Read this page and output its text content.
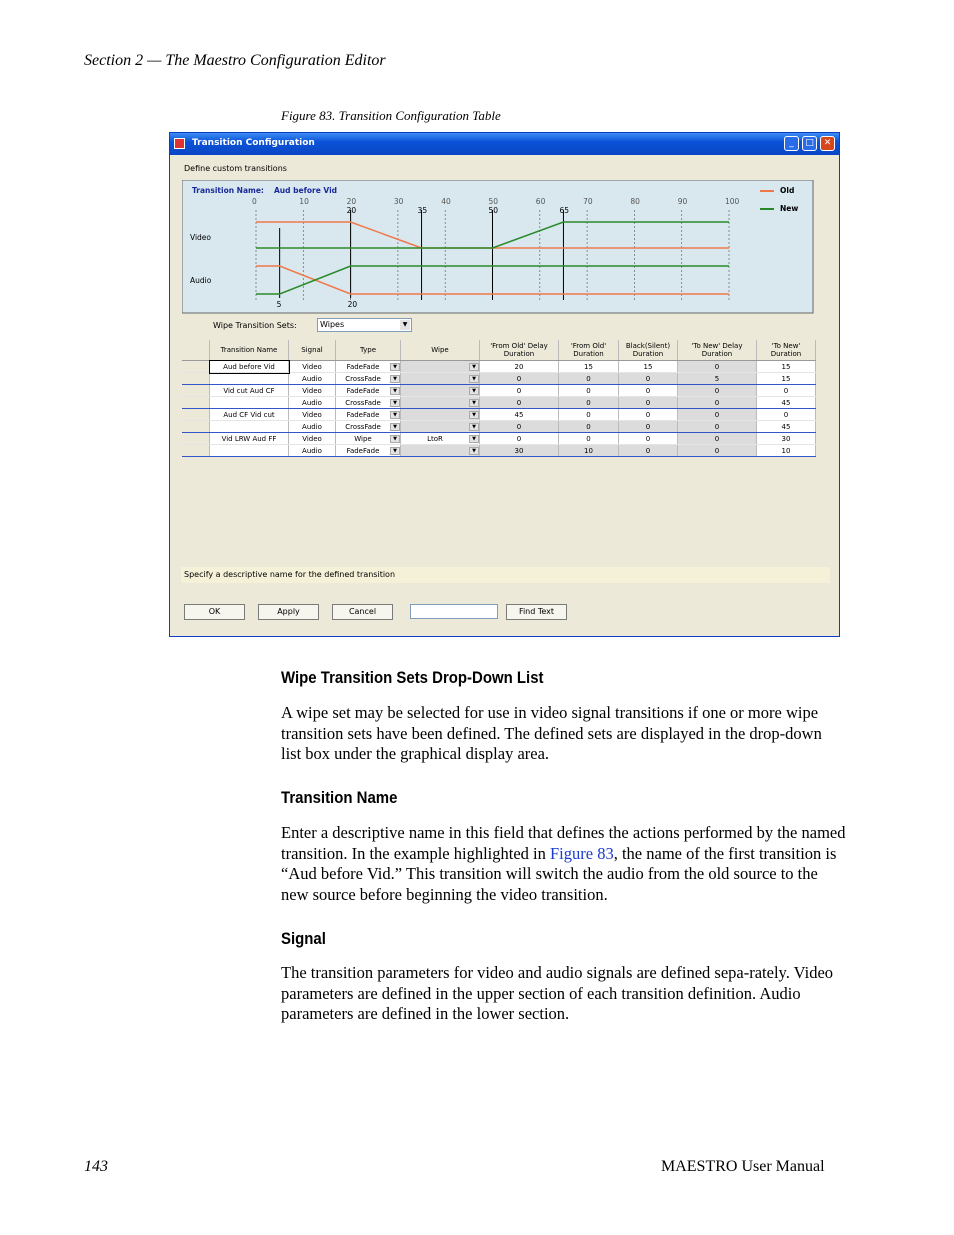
Section 2 — The Maestro Configuration Editor
Figure 83. Transition Configuration Table
Transition Configuration	_	□	✕
Define custom transitions
Transition Name: Aud before Vid
Video
Audio
0	10	20	30	40	50	60	70	80	90	100
20	35	50	65
5	20
Old
New
Wipe Transition Sets:	Wipes	▼
	Transition Name	Signal	Type	Wipe	'From Old' Delay Duration	'From Old' Duration	Black(Silent) Duration	'To New' Delay Duration	'To New' Duration
	Aud before Vid	Video	FadeFade ▼	▼	20	15	15	0	15
		Audio	CrossFade ▼	▼	0	0	0	5	15
	Vid cut Aud CF	Video	FadeFade ▼	▼	0	0	0	0	0
		Audio	CrossFade ▼	▼	0	0	0	0	45
	Aud CF Vid cut	Video	FadeFade ▼	▼	45	0	0	0	0
		Audio	CrossFade ▼	▼	0	0	0	0	45
	Vid LRW Aud FF	Video	Wipe ▼	LtoR ▼	0	0	0	0	30
		Audio	FadeFade ▼	▼	30	10	0	0	10
Specify a descriptive name for the defined transition
OK	Apply	Cancel	Find Text
Wipe Transition Sets Drop-Down List
A wipe set may be selected for use in video signal transitions if one or more wipe transition sets have been defined. The defined sets are displayed in the drop-down list box under the graphical display area.
Transition Name
Enter a descriptive name in this field that defines the actions performed by the named transition. In the example highlighted in Figure 83, the name of the first transition is “Aud before Vid.” This transition will switch the audio from the old source to the new source before beginning the video transition.
Signal
The transition parameters for video and audio signals are defined sepa-rately. Video parameters are defined in the upper section of each transition definition. Audio parameters are defined in the lower section.
143	MAESTRO User Manual
